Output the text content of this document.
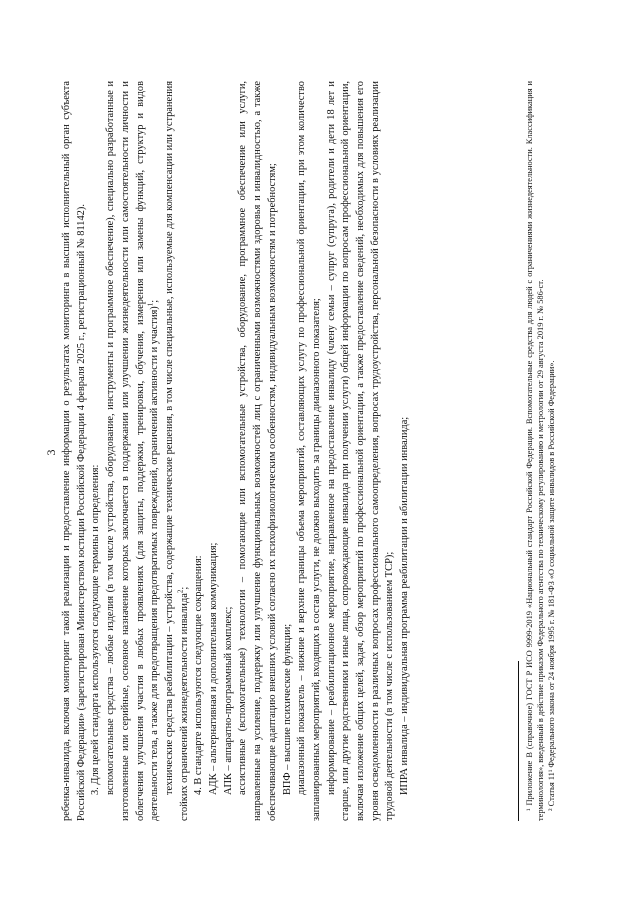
3 ребенка-инвалида, включая мониторинг такой реализации и предоставление информации о результатах мониторинга в высший исполнительный орган субъекта Российской Федерации» (зарегистрирован Министерством юстиции Российской Федерации 4 февраля 2025 г., регистрационный № 81142). 3. Для целей стандарта используются следующие термины и определения: вспомогательные средства – любые изделия (в том числе устройства, оборудование, инструменты и программное обеспечение), специально разработанные и изготовленные или серийные, основное назначение которых заключается в поддержании или улучшении жизнедеятельности или самостоятельности личности и облегчения улучшения участия в любых проявлениях (для защиты, поддержки, тренировки, обучения, измерения или замены функций, структур и видов деятельности тела, а также для предотвращения предотвратимых повреждений, ограничений активности и участия)$^1$; технические средства реабилитации – устройства, содержащие технические решения, в том числе специальные, используемые для компенсации или устранения стойких ограничений жизнедеятельности инвалида$^2$; 4. В стандарте используются следующие сокращения: АДК – альтернативная и дополнительная коммуникация; АПК – аппаратно-программный комплекс; ассистивные (вспомогательные) технологии – помогающие или вспомогательные устройства, оборудование, программное обеспечение или услуги, направленные на усиление, поддержку или улучшение функциональных возможностей лиц с ограниченными возможностями здоровья и инвалидностью, а также обеспечивающие адаптацию внешних условий согласно их психофизиологическим особенностям, индивидуальным возможностям и потребностям; ВПФ – высшие психические функции; диапазонный показатель – нижние и верхние границы объема мероприятий, составляющих услугу по профессиональной ориентации, при этом количество запланированных мероприятий, входящих в состав услуги, не должно выходить за границы диапазонного показателя; информирование – реабилитационное мероприятие, направленное на предоставление инвалиду (члену семьи – супруг (супруга), родители и дети 18 лет и старше, или другие родственники и иные лица, сопровождающие инвалида при получении услуги) общей информации по вопросам профессиональной ориентации, включая изложение общих целей, задач, обзор мероприятий по профессиональной ориентации, а также предоставление сведений, необходимых для повышения его уровня осведомленности в различных вопросах профессионального самоопределения, вопросах трудоустройства, персональной безопасности в условиях реализации трудовой деятельности (в том числе с использованием ТСР); ИПРА инвалида – индивидуальная программа реабилитации и абилитации инвалида;	¹ Приложение В (справочное) ГОСТ Р ИСО 9999-2019 «Национальный стандарт Российской Федерации. Вспомогательные средства для людей с ограничениями жизнедеятельности. Классификация и терминология», введенный в действие приказом Федерального агентства по техническому регулированию и метрологии от 29 августа 2019 г. № 586-ст. ² Статья 11¹ Федерального закона от 24 ноября 1995 г. № 181-ФЗ «О социальной защите инвалидов в Российской Федерации».
